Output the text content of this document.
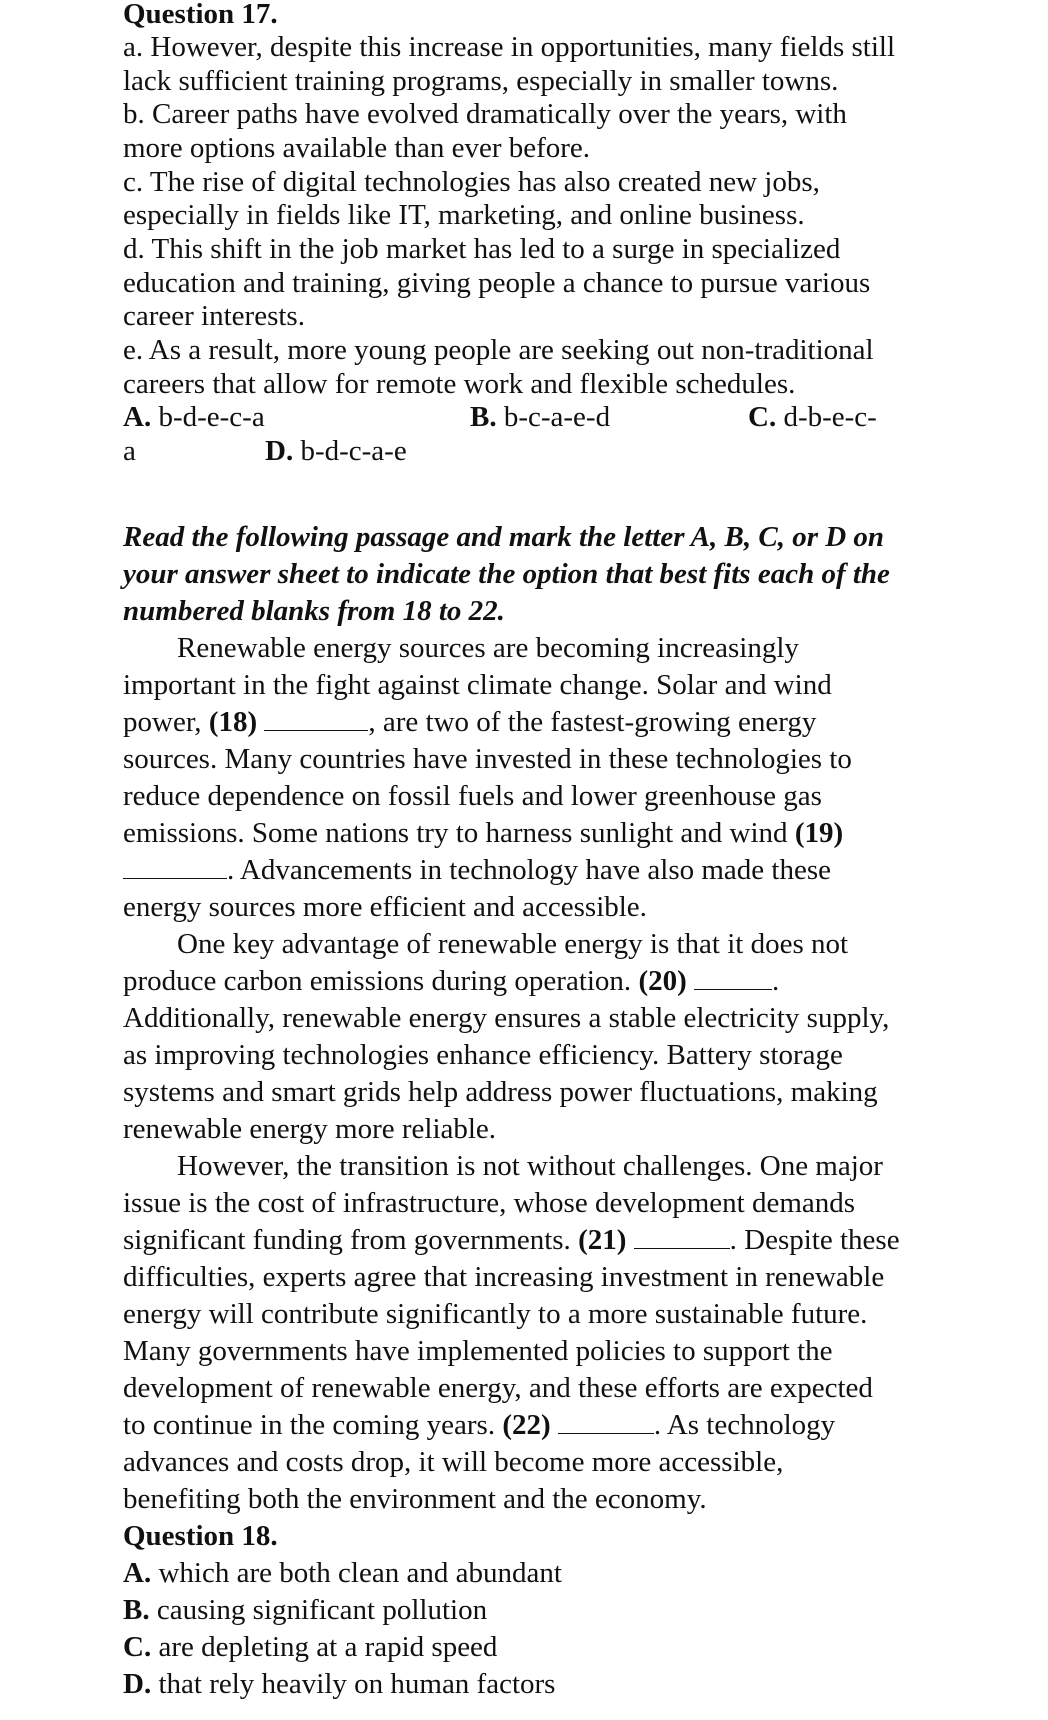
Question 17.
a. However, despite this increase in opportunities, many fields still
lack sufficient training programs, especially in smaller towns.
b. Career paths have evolved dramatically over the years, with
more options available than ever before.
c. The rise of digital technologies has also created new jobs,
especially in fields like IT, marketing, and online business.
d. This shift in the job market has led to a surge in specialized
education and training, giving people a chance to pursue various
career interests.
e. As a result, more young people are seeking out non-traditional
careers that allow for remote work and flexible schedules.
A. b-d-e-c-a	B. b-c-a-e-d	C. d-b-e-c-
a	D. b-d-c-a-e
Read the following passage and mark the letter A, B, C, or D on
your answer sheet to indicate the option that best fits each of the
numbered blanks from 18 to 22.
Renewable energy sources are becoming increasingly
important in the fight against climate change. Solar and wind
power, (18)	, are two of the fastest-growing energy
sources. Many countries have invested in these technologies to
reduce dependence on fossil fuels and lower greenhouse gas
emissions. Some nations try to harness sunlight and wind (19)
. Advancements in technology have also made these
energy sources more efficient and accessible.
One key advantage of renewable energy is that it does not
produce carbon emissions during operation. (20)	.
Additionally, renewable energy ensures a stable electricity supply,
as improving technologies enhance efficiency. Battery storage
systems and smart grids help address power fluctuations, making
renewable energy more reliable.
However, the transition is not without challenges. One major
issue is the cost of infrastructure, whose development demands
significant funding from governments. (21)	. Despite these
difficulties, experts agree that increasing investment in renewable
energy will contribute significantly to a more sustainable future.
Many governments have implemented policies to support the
development of renewable energy, and these efforts are expected
to continue in the coming years. (22)	. As technology
advances and costs drop, it will become more accessible,
benefiting both the environment and the economy.
Question 18.
A. which are both clean and abundant
B. causing significant pollution
C. are depleting at a rapid speed
D. that rely heavily on human factors
